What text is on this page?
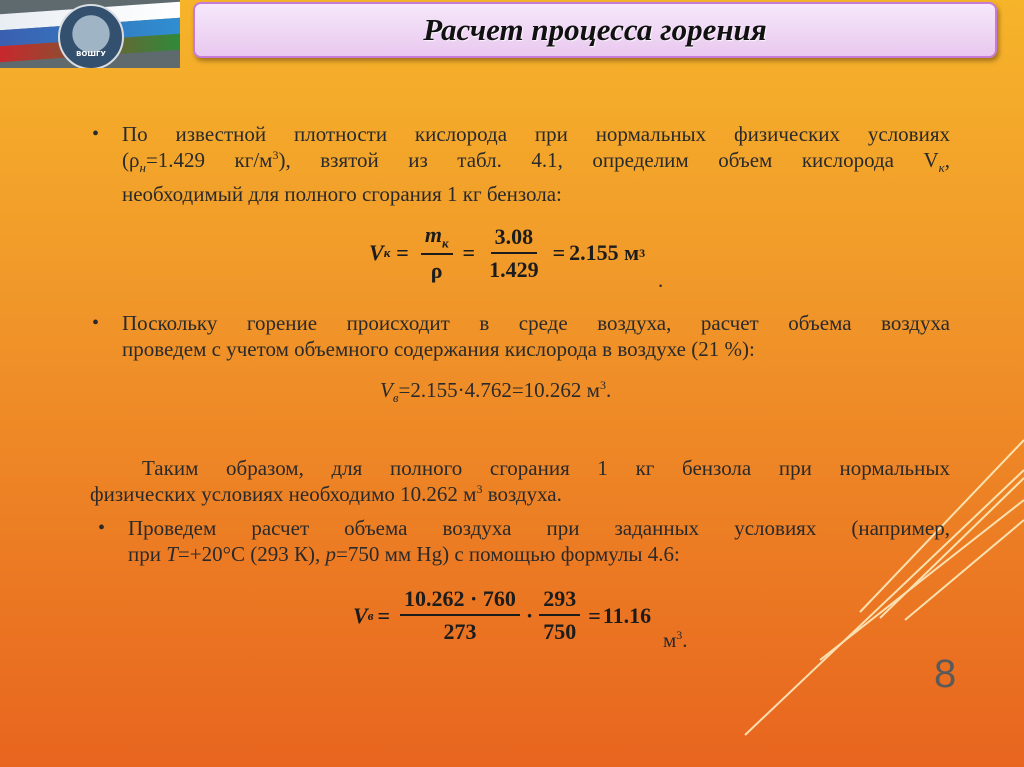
ВОШГУ
Расчет процесса горения
• По известной плотности кислорода при нормальных физических условиях
($\rho_н=1.429$ $кг/м^3$), взятой из табл. 4.1, определим объем кислорода $V_к$,
необходимый для полного сгорания 1 кг бензола:
V $к = \frac{m_к}{\rho} = \frac{3.08}{1.429} = 2.155$ м 3
.
• Поскольку горение происходит в среде воздуха, расчет объема воздуха
проведем с учетом объемного содержания кислорода в воздухе (21 %):
$V_в=2.155\cdot 4.762=10.262$ $м^3$.
Таким образом, для полного сгорания 1 кг бензола при нормальных
физических условиях необходимо 10.262 $м^3$ воздуха.
• Проведем расчет объема воздуха при заданных условиях (например,
при T=+20°С (293 К), p=750 мм Hg) с помощью формулы 4.6:
V $в = \frac{10.262 \cdot 760}{273} \cdot \frac{293}{750} = 11.16$
$м^3$.
8
